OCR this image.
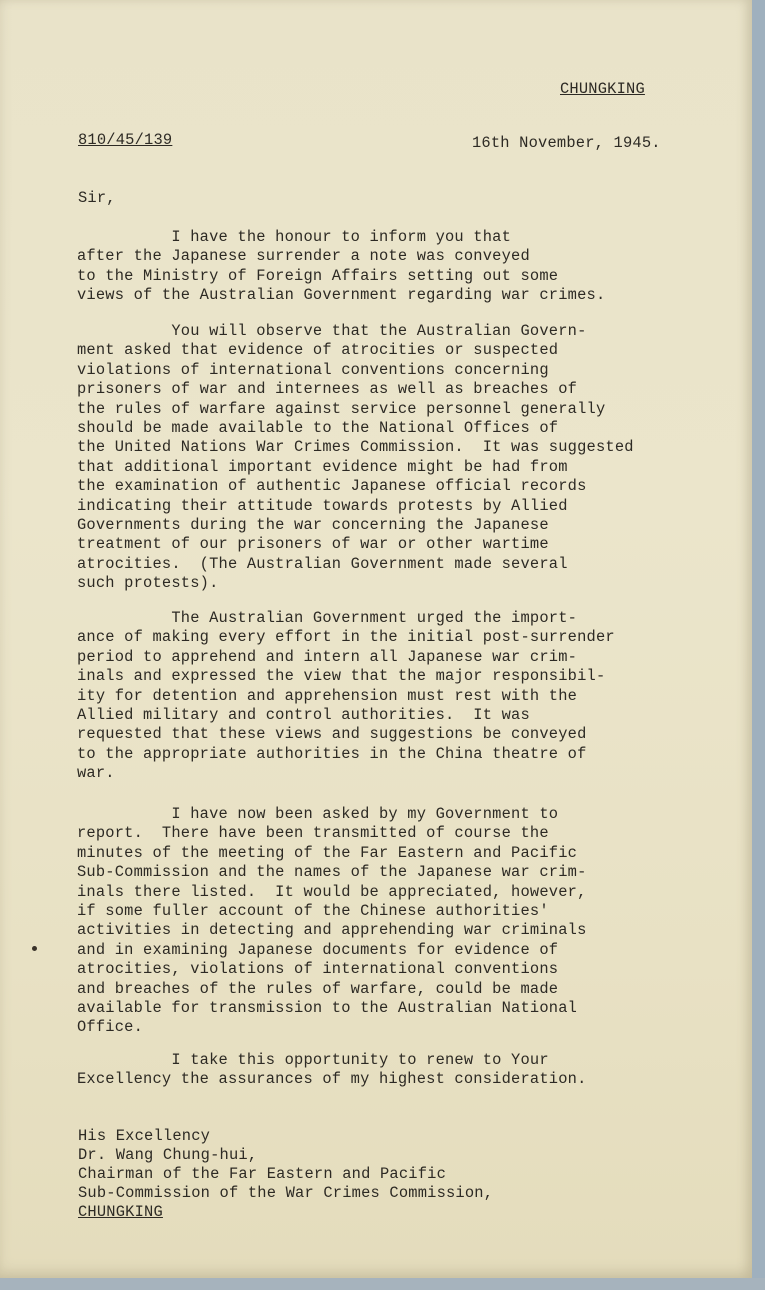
CHUNGKING
810/45/139	16th November, 1945.
Sir,
I have the honour to inform you that
after the Japanese surrender a note was conveyed
to the Ministry of Foreign Affairs setting out some
views of the Australian Government regarding war crimes.
You will observe that the Australian Govern-
ment asked that evidence of atrocities or suspected
violations of international conventions concerning
prisoners of war and internees as well as breaches of
the rules of warfare against service personnel generally
should be made available to the National Offices of
the United Nations War Crimes Commission.  It was suggested
that additional important evidence might be had from
the examination of authentic Japanese official records
indicating their attitude towards protests by Allied
Governments during the war concerning the Japanese
treatment of our prisoners of war or other wartime
atrocities.  (The Australian Government made several
such protests).
The Australian Government urged the import-
ance of making every effort in the initial post-surrender
period to apprehend and intern all Japanese war crim-
inals and expressed the view that the major responsibil-
ity for detention and apprehension must rest with the
Allied military and control authorities.  It was
requested that these views and suggestions be conveyed
to the appropriate authorities in the China theatre of
war.
I have now been asked by my Government to
report.  There have been transmitted of course the
minutes of the meeting of the Far Eastern and Pacific
Sub-Commission and the names of the Japanese war crim-
inals there listed.  It would be appreciated, however,
if some fuller account of the Chinese authorities'
activities in detecting and apprehending war criminals
and in examining Japanese documents for evidence of
atrocities, violations of international conventions
and breaches of the rules of warfare, could be made
available for transmission to the Australian National
Office.
I take this opportunity to renew to Your
Excellency the assurances of my highest consideration.
His Excellency
Dr. Wang Chung-hui,
Chairman of the Far Eastern and Pacific
Sub-Commission of the War Crimes Commission,
CHUNGKING
